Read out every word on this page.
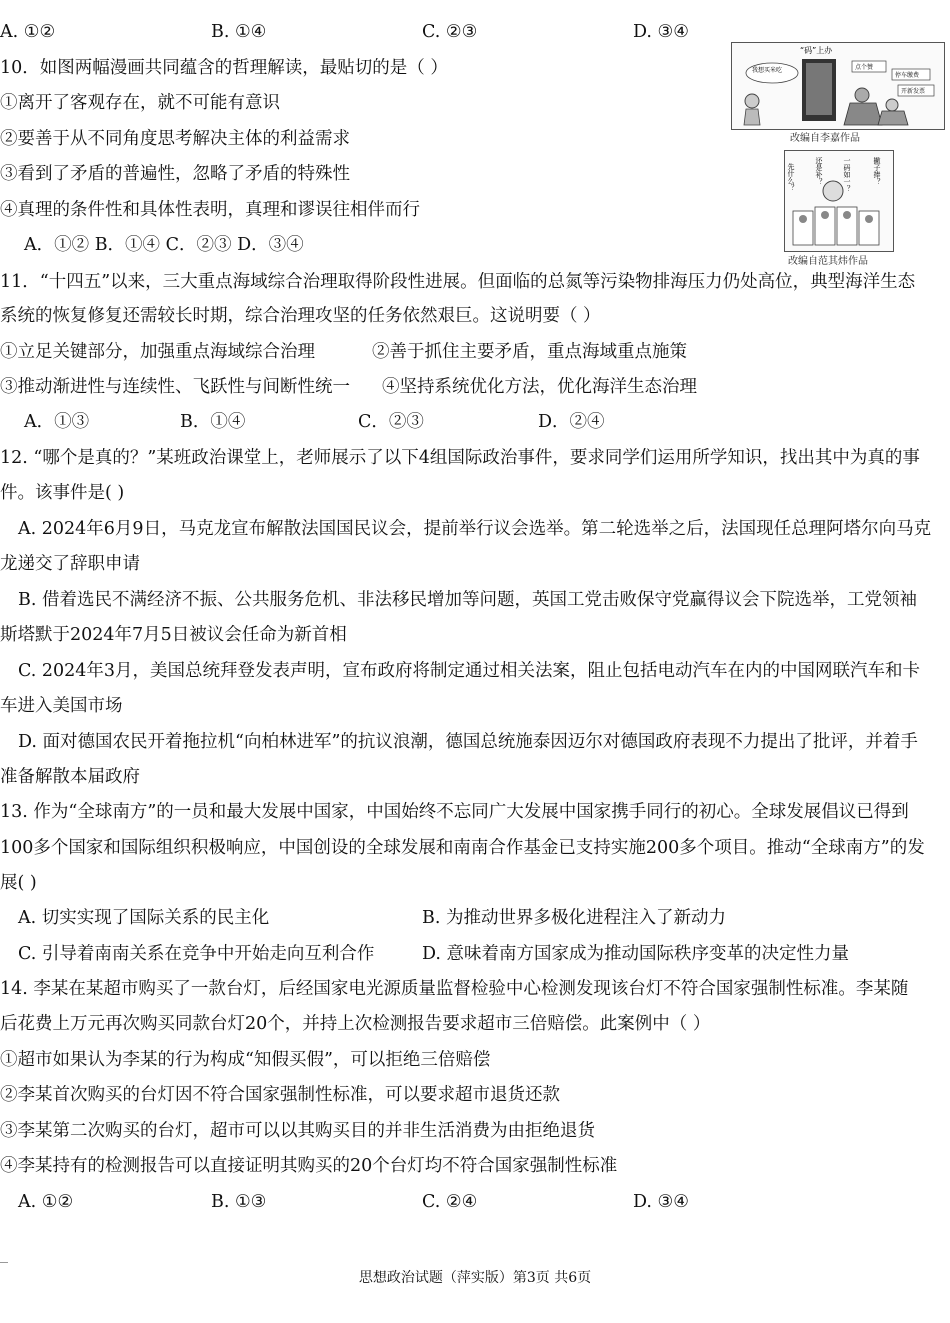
A. ①②	B. ①④	C. ②③	D. ③④
10．如图两幅漫画共同蕴含的哲理解读，最贴切的是（ ）
①离开了客观存在，就不可能有意识
②要善于从不同角度思考解决主体的利益需求
③看到了矛盾的普遍性，忽略了矛盾的特殊性
④真理的条件性和具体性表明，真理和谬误往相伴而行
A．①② B．①④ C．②③ D．③④
“码”上办
我想买米吃	点个赞
停车缴费
开新发票
改编自李嘉作品
先什么？	还是补？	一码如一？	撇子捧？
改编自范其炜作品
11．“十四五”以来，三大重点海域综合治理取得阶段性进展。但面临的总氮等污染物排海压力仍处高位，典型海洋生态
系统的恢复修复还需较长时期，综合治理攻坚的任务依然艰巨。这说明要（ ）
①立足关键部分，加强重点海域综合治理	②善于抓住主要矛盾，重点海域重点施策
③推动渐进性与连续性、飞跃性与间断性统一 ④坚持系统优化方法，优化海洋生态治理
A．①③	B．①④	C．②③	D．②④
12. “哪个是真的？”某班政治课堂上，老师展示了以下4组国际政治事件，要求同学们运用所学知识，找出其中为真的事
件。该事件是( )
A. 2024年6月9日，马克龙宣布解散法国国民议会，提前举行议会选举。第二轮选举之后，法国现任总理阿塔尔向马克
龙递交了辞职申请
B. 借着选民不满经济不振、公共服务危机、非法移民增加等问题，英国工党击败保守党赢得议会下院选举，工党领袖
斯塔默于2024年7月5日被议会任命为新首相
C. 2024年3月，美国总统拜登发表声明，宣布政府将制定通过相关法案，阻止包括电动汽车在内的中国网联汽车和卡
车进入美国市场
D. 面对德国农民开着拖拉机“向柏林进军”的抗议浪潮，德国总统施泰因迈尔对德国政府表现不力提出了批评，并着手
准备解散本届政府
13. 作为“全球南方”的一员和最大发展中国家，中国始终不忘同广大发展中国家携手同行的初心。全球发展倡议已得到
100多个国家和国际组织积极响应，中国创设的全球发展和南南合作基金已支持实施200多个项目。推动“全球南方”的发
展( )
A. 切实实现了国际关系的民主化	B. 为推动世界多极化进程注入了新动力
C. 引导着南南关系在竞争中开始走向互利合作	D. 意味着南方国家成为推动国际秩序变革的决定性力量
14. 李某在某超市购买了一款台灯，后经国家电光源质量监督检验中心检测发现该台灯不符合国家强制性标准。李某随
后花费上万元再次购买同款台灯20个，并持上次检测报告要求超市三倍赔偿。此案例中（ ）
①超市如果认为李某的行为构成“知假买假”，可以拒绝三倍赔偿
②李某首次购买的台灯因不符合国家强制性标准，可以要求超市退货还款
③李某第二次购买的台灯，超市可以以其购买目的并非生活消费为由拒绝退货
④李某持有的检测报告可以直接证明其购买的20个台灯均不符合国家强制性标准
A. ①②	B. ①③	C. ②④	D. ③④
思想政治试题（萍实版）第3页 共6页
